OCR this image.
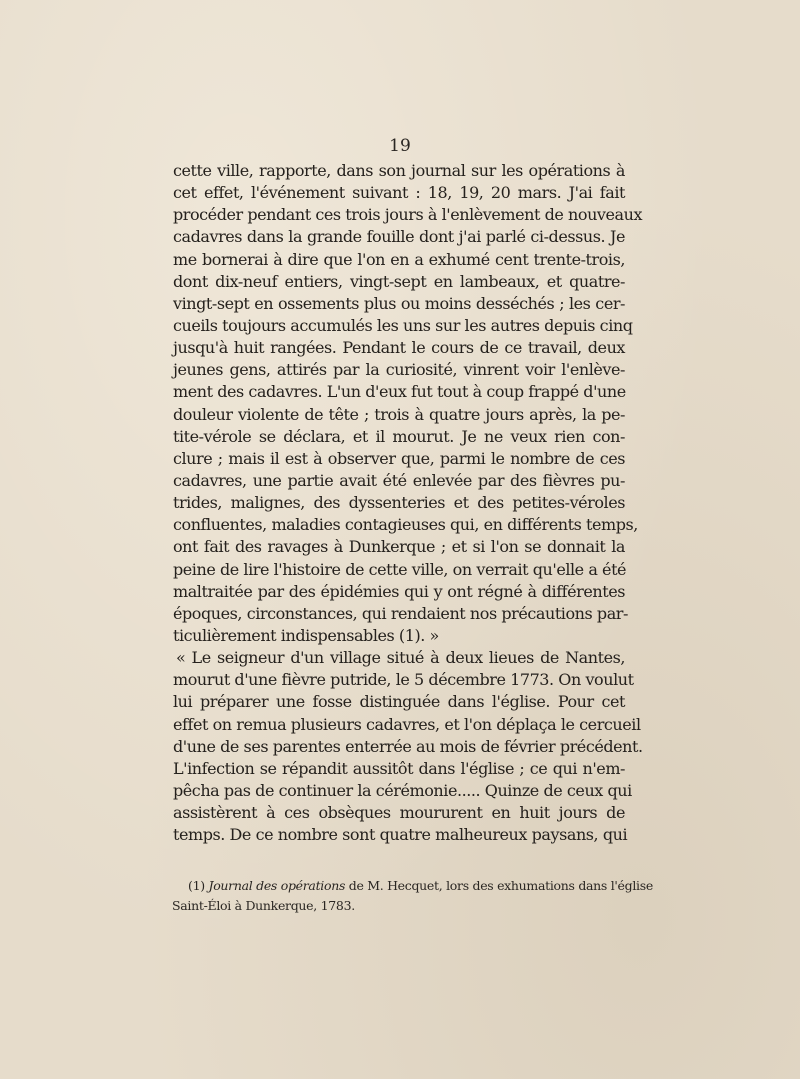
19
cette ville, rapporte, dans son journal sur les opérations à
cet effet, l'événement suivant : 18, 19, 20 mars. J'ai fait
procéder pendant ces trois jours à l'enlèvement de nouveaux
cadavres dans la grande fouille dont j'ai parlé ci-dessus. Je
me bornerai à dire que l'on en a exhumé cent trente-trois,
dont dix-neuf entiers, vingt-sept en lambeaux, et quatre-
vingt-sept en ossements plus ou moins desséchés ; les cer-
cueils toujours accumulés les uns sur les autres depuis cinq
jusqu'à huit rangées. Pendant le cours de ce travail, deux
jeunes gens, attirés par la curiosité, vinrent voir l'enlève-
ment des cadavres. L'un d'eux fut tout à coup frappé d'une
douleur violente de tête ; trois à quatre jours après, la pe-
tite-vérole se déclara, et il mourut. Je ne veux rien con-
clure ; mais il est à observer que, parmi le nombre de ces
cadavres, une partie avait été enlevée par des fièvres pu-
trides, malignes, des dyssenteries et des petites-véroles
confluentes, maladies contagieuses qui, en différents temps,
ont fait des ravages à Dunkerque ; et si l'on se donnait la
peine de lire l'histoire de cette ville, on verrait qu'elle a été
maltraitée par des épidémies qui y ont régné à différentes
époques, circonstances, qui rendaient nos précautions par-
ticulièrement indispensables (1). »
« Le seigneur d'un village situé à deux lieues de Nantes,
mourut d'une fièvre putride, le 5 décembre 1773. On voulut
lui préparer une fosse distinguée dans l'église. Pour cet
effet on remua plusieurs cadavres, et l'on déplaça le cercueil
d'une de ses parentes enterrée au mois de février précédent.
L'infection se répandit aussitôt dans l'église ; ce qui n'em-
pêcha pas de continuer la cérémonie..... Quinze de ceux qui
assistèrent à ces obsèques moururent en huit jours de
temps. De ce nombre sont quatre malheureux paysans, qui
(1) Journal des opérations de M. Hecquet, lors des exhumations dans l'église
Saint-Éloi à Dunkerque, 1783.
